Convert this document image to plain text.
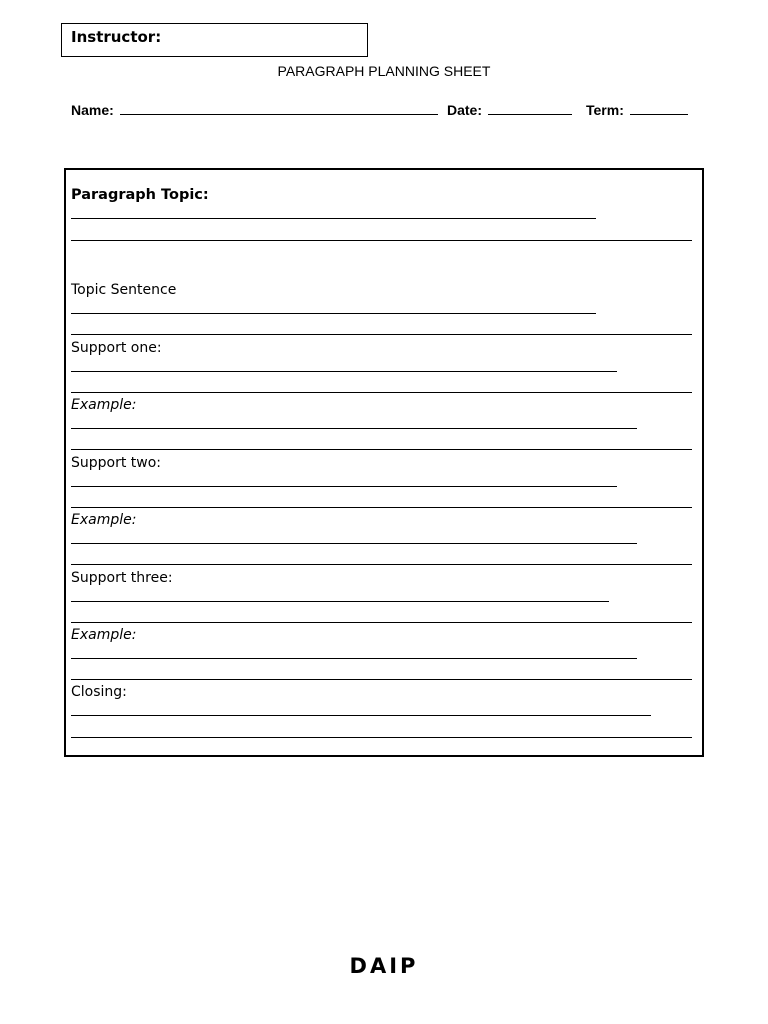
Instructor:
PARAGRAPH PLANNING SHEET
Name:	Date:	Term:
Paragraph Topic:
Topic Sentence
Support one:
Example:
Support two:
Example:
Support three:
Example:
Closing:
DAIP
